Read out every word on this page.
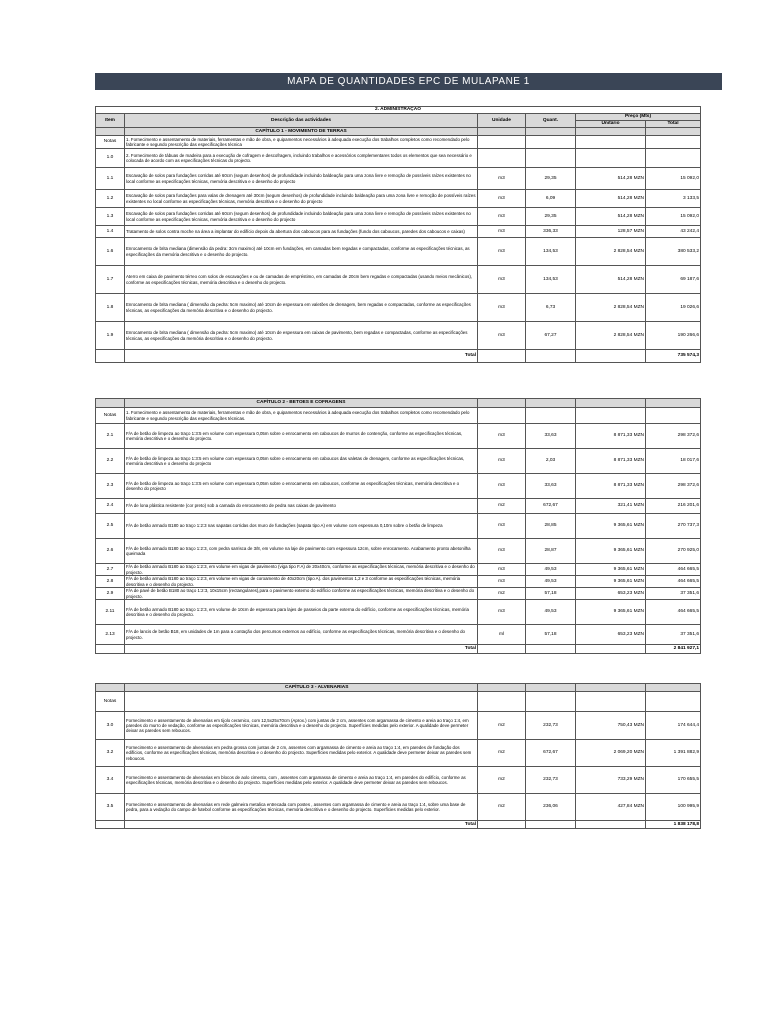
MAPA DE QUANTIDADES EPC DE MULAPANE 1
2. ADMINISTRAÇÃO						
Item	Descrição das actividades	Unidade	Quant.	Preço (Mts)		
				Unitário	Total	
	CAPÍTULO 1 - MOVIMENTO DE TERRAS					
Notas	1. Fornecimento e assentamento de materiais, ferramentas e mão de obra, e quipamentos necessários à adequada execução dos trabalhos completos como recomendado pelo fabricante e segundo prescrição das especificações técnica					
1.0	2. Fornecimento de tábuas de madeira para a execução de cofragem e descofragem, incluindo trabalhos e acessórios complementares todos os elementos que sea necessário e colocada de acordo com as especificações técnicas do projecto.					
1.1	Escavação de solos para fundações corridas até 60cm (segum desenhos) de profundidade incluindo baldeação para uma zona livre e remoção de possíveis raízes existentes no local conforme as especificações técnicas, memória descritiva e o desenho do projecto	m3	29,35	514,28 MZN	15 092,0	
1.2	Escavação de solos para fundações para valas de drenagem até 30cm (segum desenhos) de profundidade incluindo baldeação para uma zona livre e remoção de possíveis raízes existentes no local conforme as especificações técnicas, memória descritiva e o desenho do projecto	m3	6,09	514,28 MZN	3 133,5	
1.3	Escavação de solos para fundações corridas até 60cm (segum desenhos) de profundidade incluindo baldeação para uma zona livre e remoção de possíveis raízes existentes no local conforme as especificações técnicas, memória descritiva e o desenho do projecto	m3	29,35	514,28 MZN	15 092,0	
1.4	Tratamento de solos contra moche na área a implantar do edifício depois da abertura dos caboucos para as fundações (fundo dos caboucos, paredes dos caboucos e caixas)	m3	336,33	128,57 MZN	43 242,4	
1.6	Enrocamento de brita mediana (dimensão da pedra: 3cm maximo) até 10cm em fundações, em camadas bem regadas e compactadas, conforme as especificações técnicas, as especificações da memória descritiva e o desenho do projecto.	m3	134,53	2 828,54 MZN	380 533,2	
1.7	Aterro em caixa de pavimento térreo com solos de escavações e ou de camadas de empréstimo, em camadas de 20cm bem regadas e compactadas (usando meios mecânicos), conforme as especificações técnicas, memória descritiva e o desenho do projecto.	m3	134,53	514,28 MZN	69 187,6	
1.8	Enrocamento de brita mediana ( dimensão da pedra: 5cm maximo) até 10cm de espessura em valetões de drenagem, bem regadas e compactadas, conforme as especificações técnicas, as especificações da memória descritiva e o desenho do projecto.	m3	6,73	2 828,54 MZN	19 026,6	
1.9	Enrocamento de brita mediana ( dimensão da pedra: 5cm maximo) até 10cm de espessura em caixas de pavimento, bem regadas e compactadas, conforme as especificações técnicas, as especificações da memória descritiva e o desenho do projecto.	m3	67,27	2 828,54 MZN	190 266,6	
	Total				735 574,3	
	CAPÍTULO 2 - BETOES E COFRAGENS					
Notas	1. Fornecimento e assentamento de materiais, ferramentas e mão de obra, e quipamentos necessários à adequada execução dos trabalhos completos como recomendado pelo fabricante e segundo prescrição das especificações técnicas.					
2.1	F/A de betão de limpeza ao traço 1:3:5 em volume com espessura 0,05m sobre o enrocamento em caboucos de murros de contenção, conforme as especificações técnicas, memória descritiva e o desenho do projecto.	m3	33,63	8 871,33 MZN	298 372,6	
2.2	F/A de betão de limpeza ao traço 1:3:5 em volume com espessura 0,05m sobre o enrocamento em caboucos das valetas de drenagem, conforme as especificações técnicas, memória descritiva e o desenho do projecto	m3	2,03	8 871,33 MZN	18 017,6	
2.3	F/A de betão de limpeza ao traço 1:3:5 em volume com espessura 0,05m sobre o enrocamento em caboucos, conforme as especificações técnicas, memória descritiva e o desenho do projecto	m3	33,63	8 871,33 MZN	298 372,6	
2.4	F/A de lona plástica resistente (cor preto) sob a camada do enrocamento de pedra nas caixas de pavimento	m2	672,67	321,41 MZN	216 201,6	
2.5	F/A de betão armado B180 ao traço 1:2:3 nas sapatas corridas dos muro de fundações (sapata tipo A) em volume com espessura 0,10m sobre o betão de limpeza	m3	28,85	9 365,61 MZN	270 737,3	
2.6	F/A de betão armado B180 ao traço 1:2:3, com pedra sarrisca de 3/8, em volume na laje de pavimento com espessura 12cm, sobre enrocamento. Acabamento pronto abetonilha queimada	m3	28,87	9 365,61 MZN	270 925,0	
2.7	F/A de betão armado B180 ao traço 1:2:3, em volume em vigas de pavimento (viga tipo F.A) de 20x40cm, conforme as especificações técnicas, memória descritiva e o desenho do projecto.	m3	49,53	9 365,61 MZN	464 665,5	
2.8	F/A de betão armado B180 ao traço 1:2:3, em volume em vigas de coroamento de 40x20cm (tipo A). dos pavimentos 1,2 e 3 conforme as especificações técnicas, memória descritiva e o desenho do projecto.	m3	49,53	9 365,61 MZN	464 665,5	
2.9	F/A de pavé de betão B180 ao traço 1:2:3, 10x15cm (rectangulares),para o pavimento externo do edifício conforme as especificações técnicas, memória descritiva e o desenho do projecto.	m2	57,18	653,23 MZN	37 351,6	
2.11	F/A de betão armado B180 ao traço 1:2:3, em volume de 10cm de espessura para lajes de passeios da parte externa do edifício, conforme as especificações técnicas, memória descritiva e o desenho do projecto.	m3	49,53	9 365,61 MZN	464 665,5	
2.13	F/A de lancis de betão B18, em unidades de 1m para a contação dos percursos externos ao edifício, conforme as especificações técnicas, memória descritiva e o desenho do projecto.	ml	57,18	653,23 MZN	37 351,6	
	Total				2 841 927,1	
	CAPÍTULO 3 - ALVENARIAS					
Notas						
3.0	Fornecimento e assentamento de alvenarias em tijolo ceramico, com 12,5x25x70cm (Aprox.) com juntas de 2 cm, assentes com argamassa de cimento e areia ao traço 1:4, em paredes do murro de vedação, conforme as especificações técnicas, memória descritiva e o desenho do projecto. Superfícies medidas pelo exterior. A qualidade deve permeter deixar as paredes sem reboucos.	m2	232,73	750,43 MZN	174 644,4	
3.2	Fornecimento e assentamento de alvenarias em pedra grossa com juntas de 2 cm, assentes com argamassa de cimento e areia ao traço 1:4, em paredes de fundação dos edifícios, conforme as especificações técnicas, memória descritiva e o desenho do projecto. Superfícies medidas pelo exterior. A qualidade deve permeter deixar as paredes sem reboucos.	m2	672,67	2 069,20 MZN	1 391 882,9	
3.4	Fornecimento e assentamento de alvenarias em blocos de aolo cimento, com , assentes com argamassa de cimento e areia ao traço 1:4, em paredes do edifício, conforme as especificações técnicas, memória descritiva e o desenho do projecto. Superfícies medidas pelo exterior. A qualidade deve permeter deixar as paredes sem reboucos.	m2	232,73	733,29 MZN	170 655,5	
3.5	Fornecimento e assentamento de alvenarias em rede galmeira metalica entrecada com postes , assentes com argamassa de cimento e areia ao traço 1:4, sobre uma base de pedra, para a vedação do campo de futebol conforme as especificações técnicas, memória descritiva e o desenho do projecto. Superfícies medidas pelo exterior.	m2	236,06	427,84 MZN	100 995,9	
	Total				1 838 178,8	
